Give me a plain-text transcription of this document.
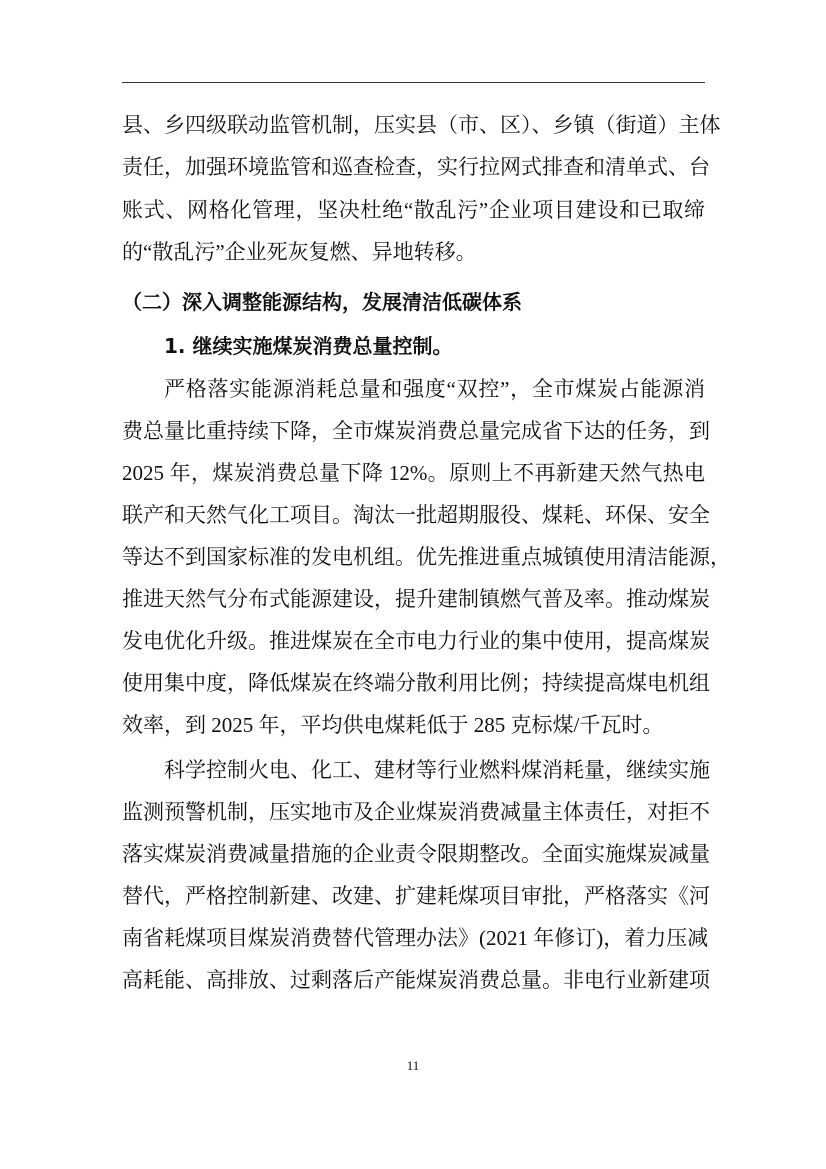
县、乡四级联动监管机制，压实县（市、区）、乡镇（街道）主体
责任，加强环境监管和巡查检查，实行拉网式排查和清单式、台
账式、网格化管理，坚决杜绝“散乱污”企业项目建设和已取缔
的“散乱污”企业死灰复燃、异地转移。
（二）深入调整能源结构，发展清洁低碳体系
1. 继续实施煤炭消费总量控制。
严格落实能源消耗总量和强度“双控”，全市煤炭占能源消
费总量比重持续下降，全市煤炭消费总量完成省下达的任务，到
2025 年，煤炭消费总量下降 12%。原则上不再新建天然气热电
联产和天然气化工项目。淘汰一批超期服役、煤耗、环保、安全
等达不到国家标准的发电机组。优先推进重点城镇使用清洁能源，
推进天然气分布式能源建设，提升建制镇燃气普及率。推动煤炭
发电优化升级。推进煤炭在全市电力行业的集中使用，提高煤炭
使用集中度，降低煤炭在终端分散利用比例；持续提高煤电机组
效率，到 2025 年，平均供电煤耗低于 285 克标煤/千瓦时。
科学控制火电、化工、建材等行业燃料煤消耗量，继续实施
监测预警机制，压实地市及企业煤炭消费减量主体责任，对拒不
落实煤炭消费减量措施的企业责令限期整改。全面实施煤炭减量
替代，严格控制新建、改建、扩建耗煤项目审批，严格落实《河
南省耗煤项目煤炭消费替代管理办法》(2021 年修订)，着力压减
高耗能、高排放、过剩落后产能煤炭消费总量。非电行业新建项
11
